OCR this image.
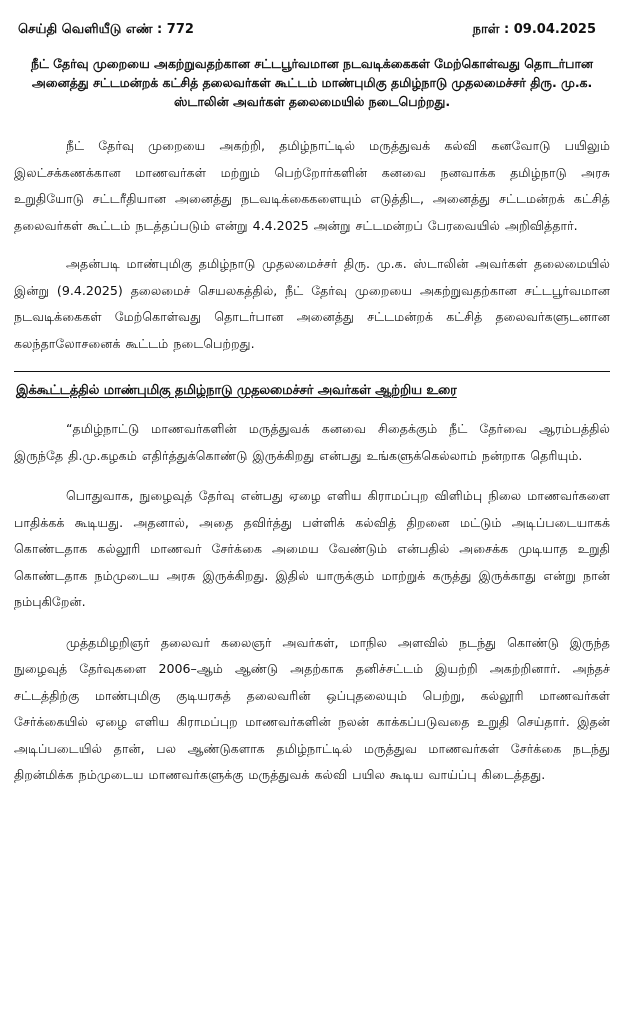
செய்தி வெளியீடு எண் : 772	நாள் : 09.04.2025
நீட் தேர்வு முறையை அகற்றுவதற்கான சட்டபூர்வமான நடவடிக்கைகள் மேற்கொள்வது தொடர்பான அனைத்து சட்டமன்றக் கட்சித் தலைவர்கள் கூட்டம் மாண்புமிகு தமிழ்நாடு முதலமைச்சர் திரு. மு.க. ஸ்டாலின் அவர்கள் தலைமையில் நடைபெற்றது.

நீட் தேர்வு முறையை அகற்றி, தமிழ்நாட்டில் மருத்துவக் கல்வி கனவோடு பயிலும் இலட்சக்கணக்கான மாணவர்கள் மற்றும் பெற்றோர்களின் கனவை நனவாக்க தமிழ்நாடு அரசு உறுதியோடு சட்டரீதியான அனைத்து நடவடிக்கைகளையும் எடுத்திட, அனைத்து சட்டமன்றக் கட்சித் தலைவர்கள் கூட்டம் நடத்தப்படும் என்று 4.4.2025 அன்று சட்டமன்றப் பேரவையில் அறிவித்தார்.

அதன்படி மாண்புமிகு தமிழ்நாடு முதலமைச்சர் திரு. மு.க. ஸ்டாலின் அவர்கள் தலைமையில் இன்று (9.4.2025) தலைமைச் செயலகத்தில், நீட் தேர்வு முறையை அகற்றுவதற்கான சட்டபூர்வமான நடவடிக்கைகள் மேற்கொள்வது தொடர்பான அனைத்து சட்டமன்றக் கட்சித் தலைவர்களுடனான கலந்தாலோசனைக் கூட்டம் நடைபெற்றது.

இக்கூட்டத்தில் மாண்புமிகு தமிழ்நாடு முதலமைச்சர் அவர்கள் ஆற்றிய உரை

“தமிழ்நாட்டு மாணவர்களின் மருத்துவக் கனவை சிதைக்கும் நீட் தேர்வை ஆரம்பத்தில் இருந்தே தி.மு.கழகம் எதிர்த்துக்கொண்டு இருக்கிறது என்பது உங்களுக்கெல்லாம் நன்றாக தெரியும்.

பொதுவாக, நுழைவுத் தேர்வு என்பது ஏழை எளிய கிராமப்புற விளிம்பு நிலை மாணவர்களை பாதிக்கக் கூடியது. அதனால், அதை தவிர்த்து பள்ளிக் கல்வித் திறனை மட்டும் அடிப்படையாகக் கொண்டதாக கல்லூரி மாணவர் சேர்க்கை அமைய வேண்டும் என்பதில் அசைக்க முடியாத உறுதி கொண்டதாக நம்முடைய அரசு இருக்கிறது. இதில் யாருக்கும் மாற்றுக் கருத்து இருக்காது என்று நான் நம்புகிறேன்.

முத்தமிழறிஞர் தலைவர் கலைஞர் அவர்கள், மாநில அளவில் நடந்து கொண்டு இருந்த நுழைவுத் தேர்வுகளை 2006–ஆம் ஆண்டு அதற்காக தனிச்சட்டம் இயற்றி அகற்றினார். அந்தச் சட்டத்திற்கு மாண்புமிகு குடியரசுத் தலைவரின் ஒப்புதலையும் பெற்று, கல்லூரி மாணவர்கள் சேர்க்கையில் ஏழை எளிய கிராமப்புற மாணவர்களின் நலன் காக்கப்படுவதை உறுதி செய்தார். இதன் அடிப்படையில் தான், பல ஆண்டுகளாக தமிழ்நாட்டில் மருத்துவ மாணவர்கள் சேர்க்கை நடந்து திறன்மிக்க நம்முடைய மாணவர்களுக்கு மருத்துவக் கல்வி பயில கூடிய வாய்ப்பு கிடைத்தது.
